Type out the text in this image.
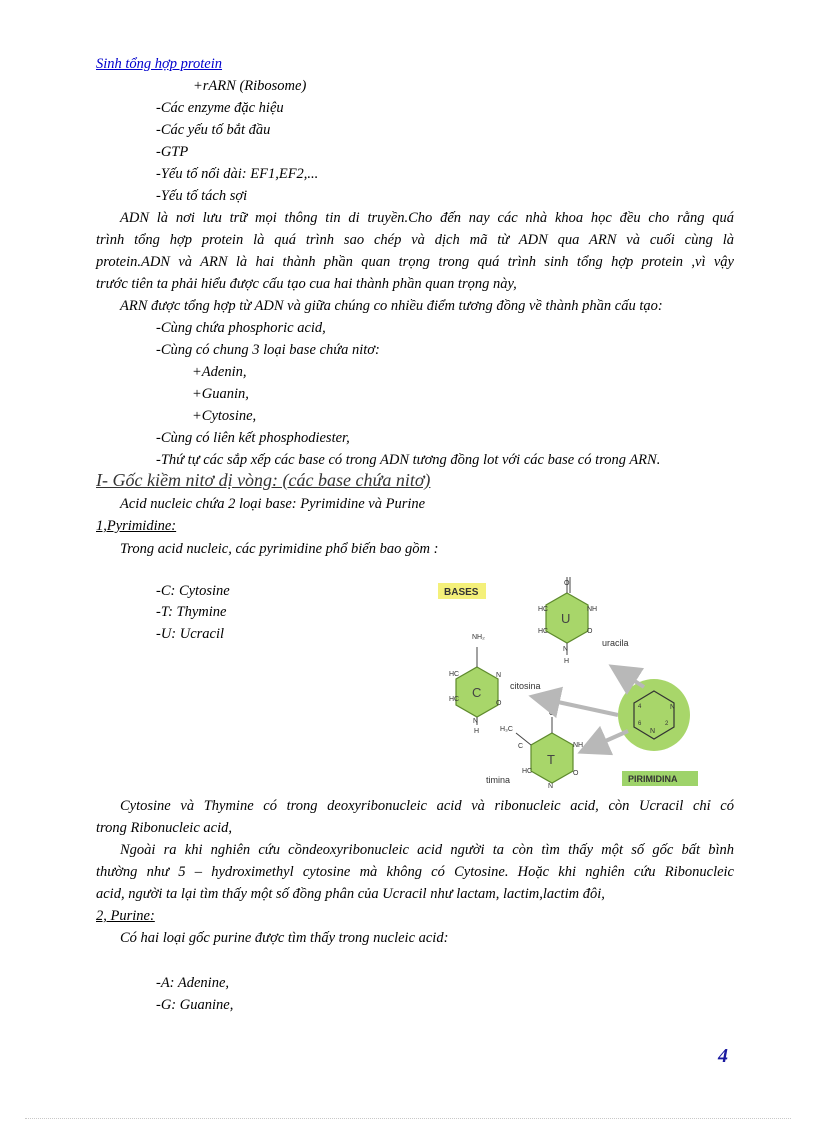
Sinh tổng hợp protein
+rARN (Ribosome)
-Các enzyme đặc hiệu
-Các yếu tố bắt đầu
-GTP
-Yếu tố nối dài: EF1,EF2,...
-Yếu tố tách sợi
ADN là nơi lưu trữ mọi thông tin di truyền.Cho đến nay các nhà khoa học đều cho rằng quá
trình tổng hợp protein là quá trình sao chép và dịch mã từ ADN qua ARN và cuối cùng là
protein.ADN và ARN là hai thành phần quan trọng trong quá trình sinh tổng hợp protein ,vì vậy
trước tiên ta phải hiểu được cấu tạo cua hai thành phần quan trọng này,
ARN được tổng hợp từ ADN và giữa chúng co nhiều điểm tương đồng về thành phần cấu tạo:
-Cùng chứa phosphoric acid,
-Cùng có chung 3 loại base chứa nitơ:
+Adenin,
+Guanin,
+Cytosine,
-Cùng có liên kết phosphodiester,
-Thứ tự các sắp xếp các base có trong ADN tương đồng lot với các base có trong ARN.
I- Gốc kiềm nitơ dị vòng: (các base chứa nitơ)
Acid nucleic chứa 2 loại base: Pyrimidine và Purine
1,Pyrimidine:
Trong acid nucleic, các pyrimidine phổ biến bao gồm :
-C: Cytosine
-T: Thymine
-U: Ucracil
BASES
O
HC
HC
NH
O
N
H
U
uracila
NH₂
HC
HC
N
O
N
H
C	citosina
O
H₃C
C
HC
NH
O
N
T
timina
N
N
4
6	2
PIRIMIDINA
Cytosine và Thymine có trong deoxyribonucleic acid và ribonucleic acid, còn Ucracil chỉ có
trong Ribonucleic acid,
Ngoài ra khi nghiên cứu cồndeoxyribonucleic acid người ta còn tìm thấy một số gốc bất bình
thường như 5 – hydroximethyl cytosine mà không có Cytosine. Hoặc khi nghiên cứu Ribonucleic
acid, người ta lại tìm thấy một số đồng phân của Ucracil như lactam, lactim,lactim đôi,
2, Purine:
Có hai loại gốc purine được tìm thấy trong nucleic acid:
-A: Adenine,
-G: Guanine,
4
